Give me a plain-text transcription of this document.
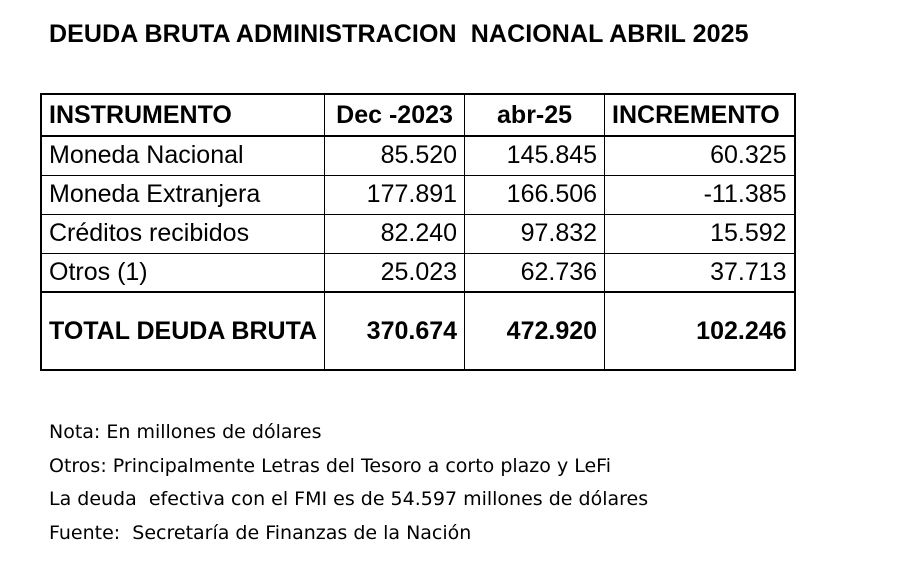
DEUDA BRUTA ADMINISTRACION  NACIONAL ABRIL 2025
INSTRUMENTO	Dec -2023	abr-25	INCREMENTO
Moneda Nacional	85.520	145.845	60.325
Moneda Extranjera	177.891	166.506	-11.385
Créditos recibidos	82.240	97.832	15.592
Otros (1)	25.023	62.736	37.713
TOTAL DEUDA BRUTA	370.674	472.920	102.246
Nota: En millones de dólares
Otros: Principalmente Letras del Tesoro a corto plazo y LeFi
La deuda  efectiva con el FMI es de 54.597 millones de dólares
Fuente:  Secretaría de Finanzas de la Nación
